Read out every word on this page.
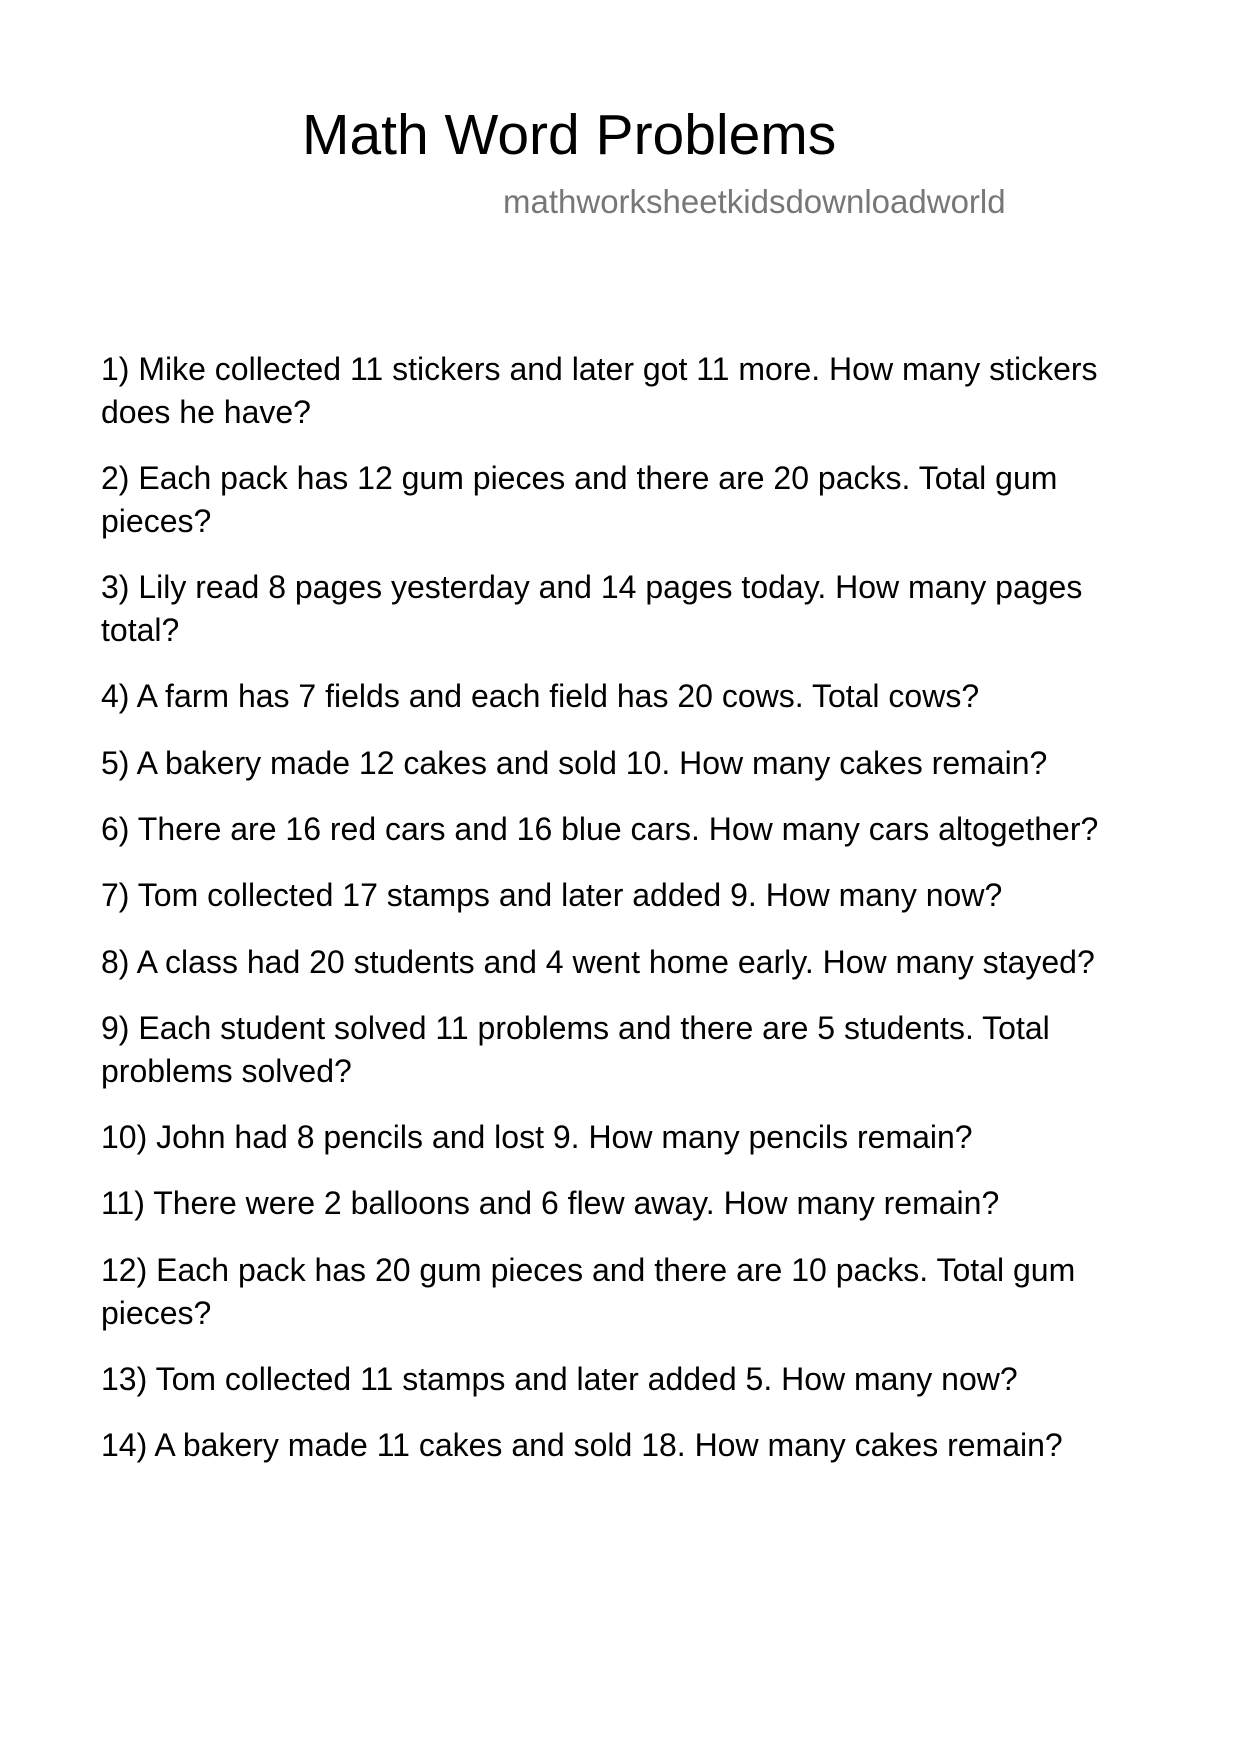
Math Word Problems
mathworksheetkidsdownloadworld
1) Mike collected 11 stickers and later got 11 more. How many stickers does he have?
2) Each pack has 12 gum pieces and there are 20 packs. Total gum pieces?
3) Lily read 8 pages yesterday and 14 pages today. How many pages total?
4) A farm has 7 fields and each field has 20 cows. Total cows?
5) A bakery made 12 cakes and sold 10. How many cakes remain?
6) There are 16 red cars and 16 blue cars. How many cars altogether?
7) Tom collected 17 stamps and later added 9. How many now?
8) A class had 20 students and 4 went home early. How many stayed?
9) Each student solved 11 problems and there are 5 students. Total problems solved?
10) John had 8 pencils and lost 9. How many pencils remain?
11) There were 2 balloons and 6 flew away. How many remain?
12) Each pack has 20 gum pieces and there are 10 packs. Total gum pieces?
13) Tom collected 11 stamps and later added 5. How many now?
14) A bakery made 11 cakes and sold 18. How many cakes remain?
